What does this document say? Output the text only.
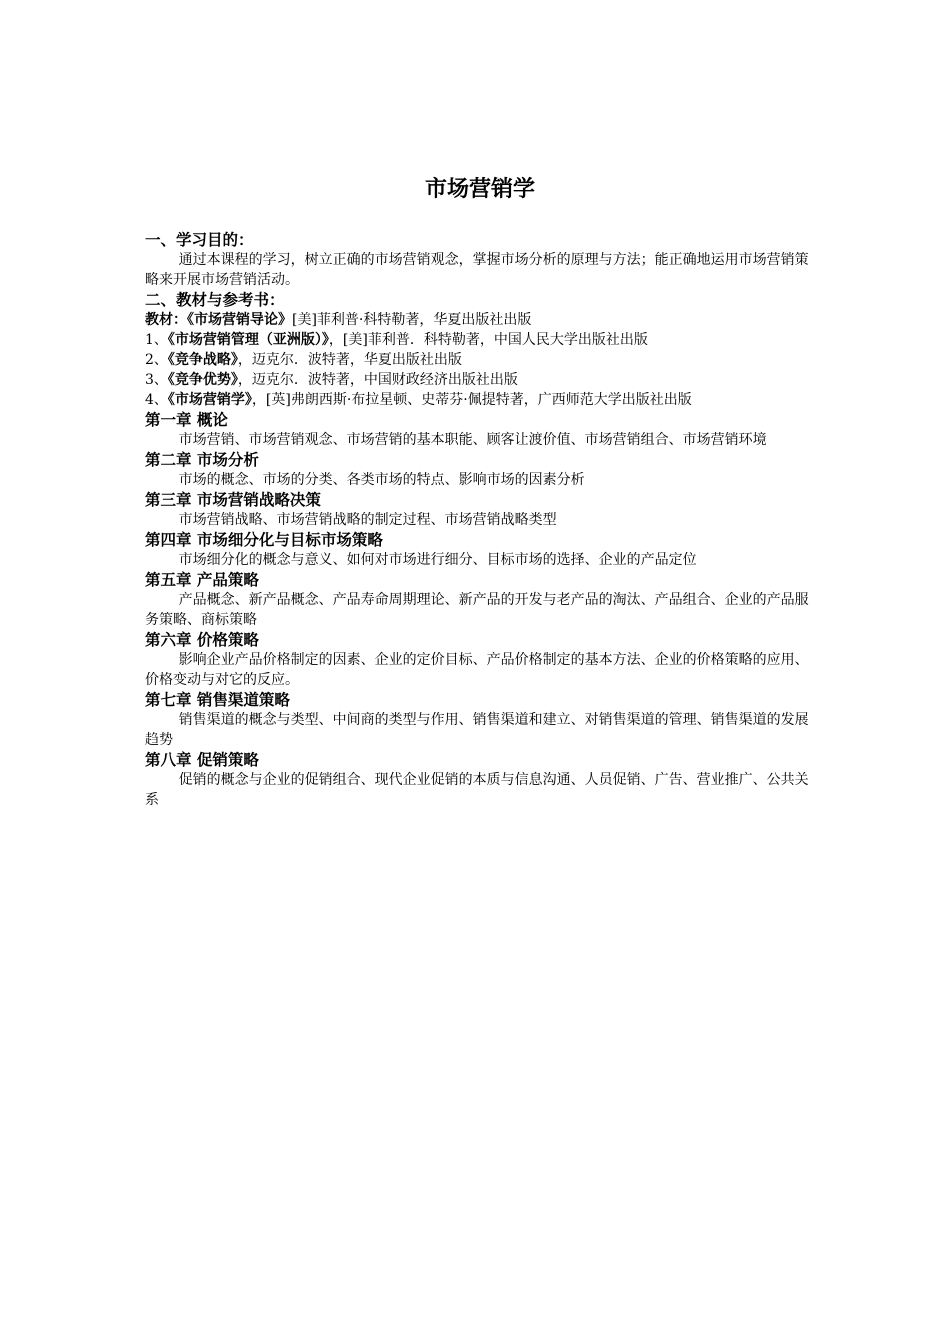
市场营销学
一、学习目的：
通过本课程的学习，树立正确的市场营销观念，掌握市场分析的原理与方法；能正确地运用市场营销策略来开展市场营销活动。
二、教材与参考书：
教材：《市场营销导论》[美]菲利普·科特勒著，华夏出版社出版
1、《市场营销管理（亚洲版）》，[美]菲利普．科特勒著，中国人民大学出版社出版
2、《竞争战略》，迈克尔．波特著，华夏出版社出版
3、《竞争优势》，迈克尔．波特著，中国财政经济出版社出版
4、《市场营销学》，[英]弗朗西斯·布拉星顿、史蒂芬·佩提特著，广西师范大学出版社出版
第一章 概论
市场营销、市场营销观念、市场营销的基本职能、顾客让渡价值、市场营销组合、市场营销环境
第二章 市场分析
市场的概念、市场的分类、各类市场的特点、影响市场的因素分析
第三章 市场营销战略决策
市场营销战略、市场营销战略的制定过程、市场营销战略类型
第四章 市场细分化与目标市场策略
市场细分化的概念与意义、如何对市场进行细分、目标市场的选择、企业的产品定位
第五章 产品策略
产品概念、新产品概念、产品寿命周期理论、新产品的开发与老产品的淘汰、产品组合、企业的产品服务策略、商标策略
第六章 价格策略
影响企业产品价格制定的因素、企业的定价目标、产品价格制定的基本方法、企业的价格策略的应用、价格变动与对它的反应。
第七章 销售渠道策略
销售渠道的概念与类型、中间商的类型与作用、销售渠道和建立、对销售渠道的管理、销售渠道的发展趋势
第八章 促销策略
促销的概念与企业的促销组合、现代企业促销的本质与信息沟通、人员促销、广告、营业推广、公共关系
